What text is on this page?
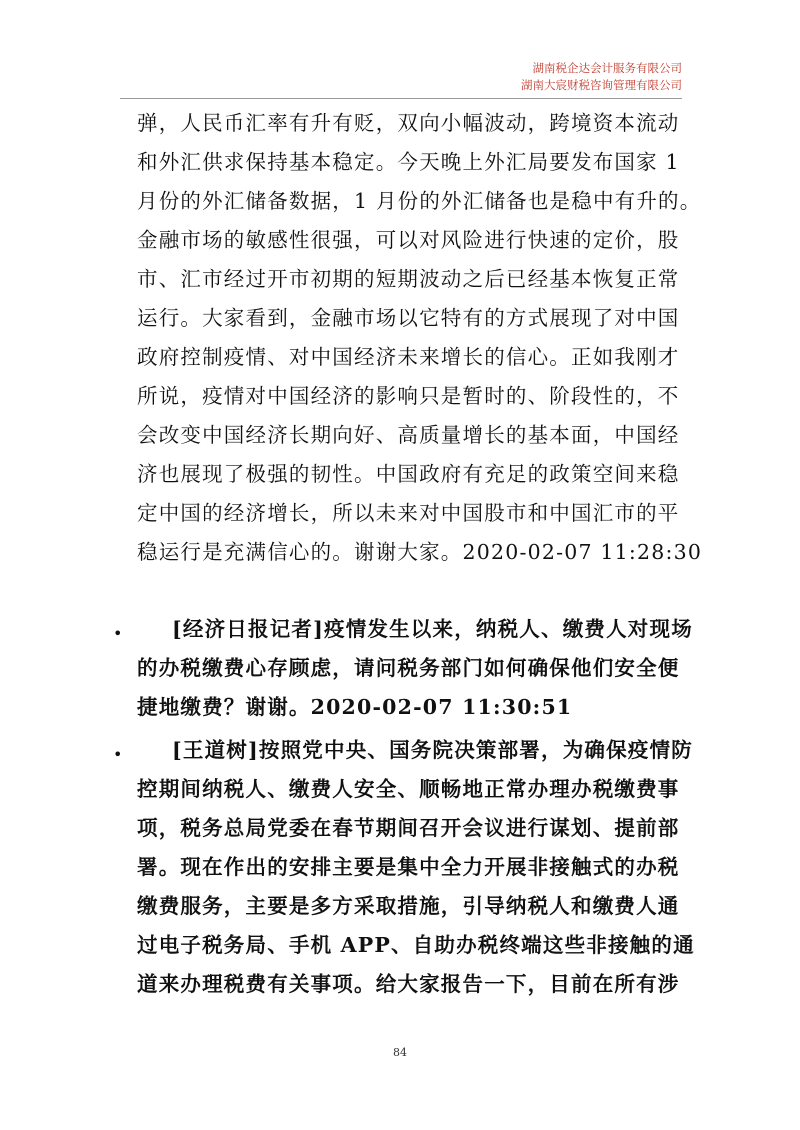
湖南税企达会计服务有限公司
湖南大宸财税咨询管理有限公司
弹，人民币汇率有升有贬，双向小幅波动，跨境资本流动
和外汇供求保持基本稳定。今天晚上外汇局要发布国家 1
月份的外汇储备数据，1 月份的外汇储备也是稳中有升的。
金融市场的敏感性很强，可以对风险进行快速的定价，股
市、汇市经过开市初期的短期波动之后已经基本恢复正常
运行。大家看到，金融市场以它特有的方式展现了对中国
政府控制疫情、对中国经济未来增长的信心。正如我刚才
所说，疫情对中国经济的影响只是暂时的、阶段性的，不
会改变中国经济长期向好、高质量增长的基本面，中国经
济也展现了极强的韧性。中国政府有充足的政策空间来稳
定中国的经济增长，所以未来对中国股市和中国汇市的平
稳运行是充满信心的。谢谢大家。2020-02-07 11:28:30
• [经济日报记者]疫情发生以来，纳税人、缴费人对现场
的办税缴费心存顾虑，请问税务部门如何确保他们安全便
捷地缴费？谢谢。2020-02-07 11:30:51
• [王道树]按照党中央、国务院决策部署，为确保疫情防
控期间纳税人、缴费人安全、顺畅地正常办理办税缴费事
项，税务总局党委在春节期间召开会议进行谋划、提前部
署。现在作出的安排主要是集中全力开展非接触式的办税
缴费服务，主要是多方采取措施，引导纳税人和缴费人通
过电子税务局、手机 APP、自助办税终端这些非接触的通
道来办理税费有关事项。给大家报告一下，目前在所有涉
84
